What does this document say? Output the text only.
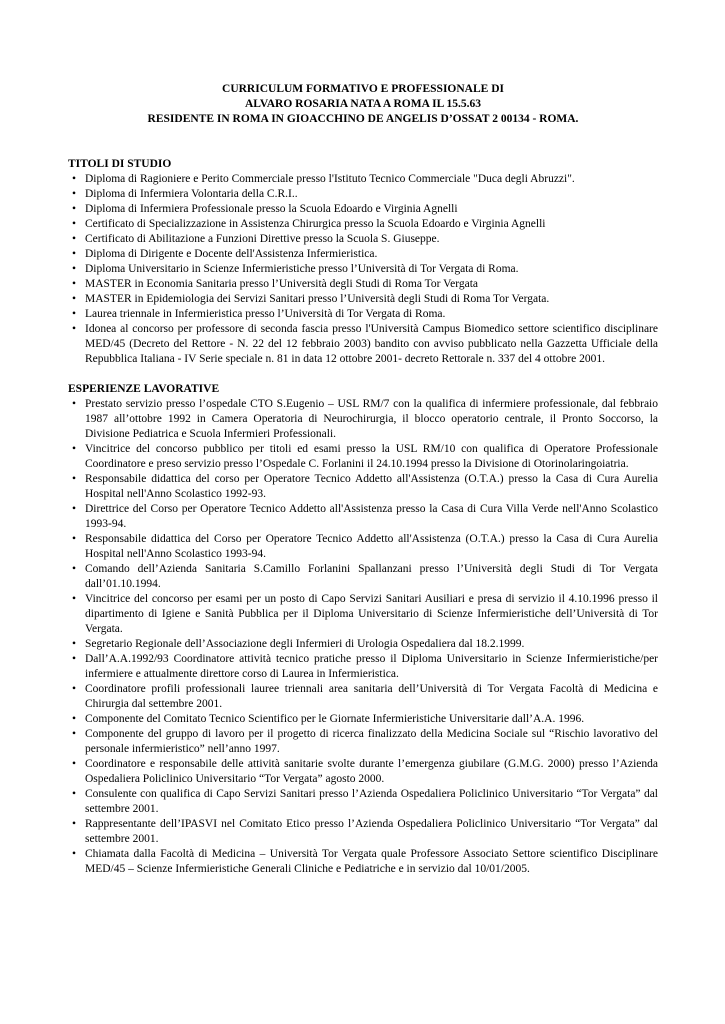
CURRICULUM FORMATIVO E PROFESSIONALE DI
ALVARO ROSARIA NATA A ROMA IL 15.5.63
RESIDENTE IN ROMA IN GIOACCHINO DE ANGELIS D’OSSAT 2 00134 - ROMA.
TITOLI DI STUDIO
• Diploma di Ragioniere e Perito Commerciale presso l'Istituto Tecnico Commerciale "Duca degli Abruzzi".
• Diploma di Infermiera Volontaria della C.R.I..
• Diploma di Infermiera Professionale presso la Scuola Edoardo e Virginia Agnelli
• Certificato di Specializzazione in Assistenza Chirurgica presso la Scuola Edoardo e Virginia Agnelli
• Certificato di Abilitazione a Funzioni Direttive presso la Scuola S. Giuseppe.
• Diploma di Dirigente e Docente dell'Assistenza Infermieristica.
• Diploma Universitario in Scienze Infermieristiche presso l’Università di Tor Vergata di Roma.
• MASTER in Economia Sanitaria presso l’Università degli Studi di Roma Tor Vergata
• MASTER in Epidemiologia dei Servizi Sanitari presso l’Università degli Studi di Roma Tor Vergata.
• Laurea triennale in Infermieristica presso l’Università di Tor Vergata di Roma.
• Idonea al concorso per professore di seconda fascia presso l'Università Campus Biomedico settore scientifico disciplinare MED/45 (Decreto del Rettore - N. 22 del 12 febbraio 2003) bandito con avviso pubblicato nella Gazzetta Ufficiale della Repubblica Italiana - IV Serie speciale n. 81 in data 12 ottobre 2001- decreto Rettorale n. 337 del 4 ottobre 2001.
ESPERIENZE LAVORATIVE
• Prestato servizio presso l’ospedale CTO S.Eugenio – USL RM/7 con la qualifica di infermiere professionale, dal febbraio 1987 all’ottobre 1992 in Camera Operatoria di Neurochirurgia, il blocco operatorio centrale, il Pronto Soccorso, la Divisione Pediatrica e Scuola Infermieri Professionali.
• Vincitrice del concorso pubblico per titoli ed esami presso la USL RM/10 con qualifica di Operatore Professionale Coordinatore e preso servizio presso l’Ospedale C. Forlanini il 24.10.1994 presso la Divisione di Otorinolaringoiatria.
• Responsabile didattica del corso per Operatore Tecnico Addetto all'Assistenza (O.T.A.) presso la Casa di Cura Aurelia Hospital nell'Anno Scolastico 1992-93.
• Direttrice del Corso per Operatore Tecnico Addetto all'Assistenza presso la Casa di Cura Villa Verde nell'Anno Scolastico 1993-94.
• Responsabile didattica del Corso per Operatore Tecnico Addetto all'Assistenza (O.T.A.) presso la Casa di Cura Aurelia Hospital nell'Anno Scolastico 1993-94.
• Comando dell’Azienda Sanitaria S.Camillo Forlanini Spallanzani presso l’Università degli Studi di Tor Vergata dall’01.10.1994.
• Vincitrice del concorso per esami per un posto di Capo Servizi Sanitari Ausiliari e presa di servizio il 4.10.1996 presso il dipartimento di Igiene e Sanità Pubblica per il Diploma Universitario di Scienze Infermieristiche dell’Università di Tor Vergata.
• Segretario Regionale dell’Associazione degli Infermieri di Urologia Ospedaliera dal 18.2.1999.
• Dall’A.A.1992/93 Coordinatore attività tecnico pratiche presso il Diploma Universitario in Scienze Infermieristiche/per infermiere e attualmente direttore corso di Laurea in Infermieristica.
• Coordinatore profili professionali lauree triennali area sanitaria dell’Università di Tor Vergata Facoltà di Medicina e Chirurgia dal settembre 2001.
• Componente del Comitato Tecnico Scientifico per le Giornate Infermieristiche Universitarie dall’A.A. 1996.
• Componente del gruppo di lavoro per il progetto di ricerca finalizzato della Medicina Sociale sul “Rischio lavorativo del personale infermieristico” nell’anno 1997.
• Coordinatore e responsabile delle attività sanitarie svolte durante l’emergenza giubilare (G.M.G. 2000) presso l’Azienda Ospedaliera Policlinico Universitario “Tor Vergata” agosto 2000.
• Consulente con qualifica di Capo Servizi Sanitari presso l’Azienda Ospedaliera Policlinico Universitario “Tor Vergata” dal settembre 2001.
• Rappresentante dell’IPASVI nel Comitato Etico presso l’Azienda Ospedaliera Policlinico Universitario “Tor Vergata” dal settembre 2001.
• Chiamata dalla Facoltà di Medicina – Università Tor Vergata quale Professore Associato Settore scientifico Disciplinare MED/45 – Scienze Infermieristiche Generali Cliniche e Pediatriche e in servizio dal 10/01/2005.
